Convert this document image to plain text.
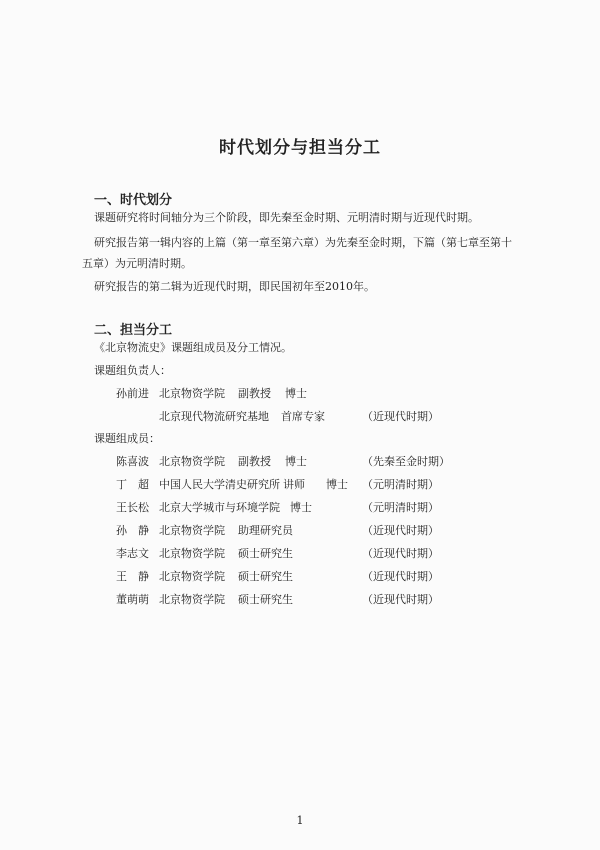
时代划分与担当分工
一、时代划分
课题研究将时间轴分为三个阶段，即先秦至金时期、元明清时期与近现代时期。
研究报告第一辑内容的上篇（第一章至第六章）为先秦至金时期，下篇（第七章至第十
五章）为元明清时期。
研究报告的第二辑为近现代时期，即民国初年至2010年。
二、担当分工
《北京物流史》课题组成员及分工情况。
课题组负责人：
孙前进 北京物资学院 副教授 博士
北京现代物流研究基地 首席专家	（近现代时期）
课题组成员：
陈喜波 北京物资学院 副教授 博士	（先秦至金时期）
丁　超 中国人民大学清史研究所 讲师 博士 （元明清时期）
王长松 北京大学城市与环境学院 博士	（元明清时期）
孙　静 北京物资学院 助理研究员	（近现代时期）
李志文 北京物资学院 硕士研究生	（近现代时期）
王　静 北京物资学院 硕士研究生	（近现代时期）
董萌萌 北京物资学院 硕士研究生	（近现代时期）
1
